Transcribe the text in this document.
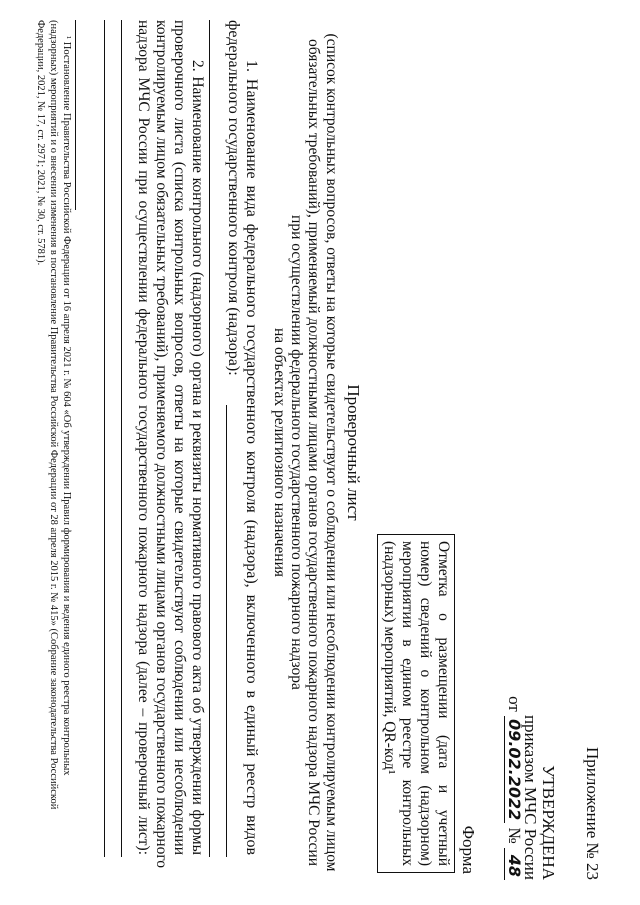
Приложение № 23
УТВЕРЖДЕНА
приказом МЧС России
от 09.02.2022 № 48
Форма
Отметка о размещении (дата и учетный
номер) сведений о контрольном (надзорном)
мероприятии в едином реестре контрольных
(надзорных) мероприятий, QR-код¹
Проверочный лист
(список контрольных вопросов, ответы на которые свидетельствуют о соблюдении или несоблюдении контролируемым лицом
обязательных требований), применяемый должностными лицами органов государственного пожарного надзора МЧС России
при осуществлении федерального государственного пожарного надзора
на объектах религиозного назначения
1. Наименование вида федерального государственного контроля (надзора), включенного в единый реестр видов
федерального государственного контроля (надзора):
2. Наименование контрольного (надзорного) органа и реквизиты нормативного правового акта об утверждении формы
проверочного листа (списка контрольных вопросов, ответы на которые свидетельствуют соблюдении или несоблюдении
контролируемым лицом обязательных требований), применяемого должностными лицами органов государственного пожарного
надзора МЧС России при осуществлении федерального государственного пожарного надзора (далее – проверочный лист):
¹ Постановление Правительства Российской Федерации от 16 апреля 2021 г. № 604 «Об утверждении Правил формирования и ведения единого реестра контрольных
(надзорных) мероприятий и о внесении изменения в постановление Правительства Российской Федерации от 28 апреля 2015 г. № 415» (Собрание законодательства Российской
Федерации, 2021, № 17, ст. 2971; 2021, № 30, ст. 5781).
